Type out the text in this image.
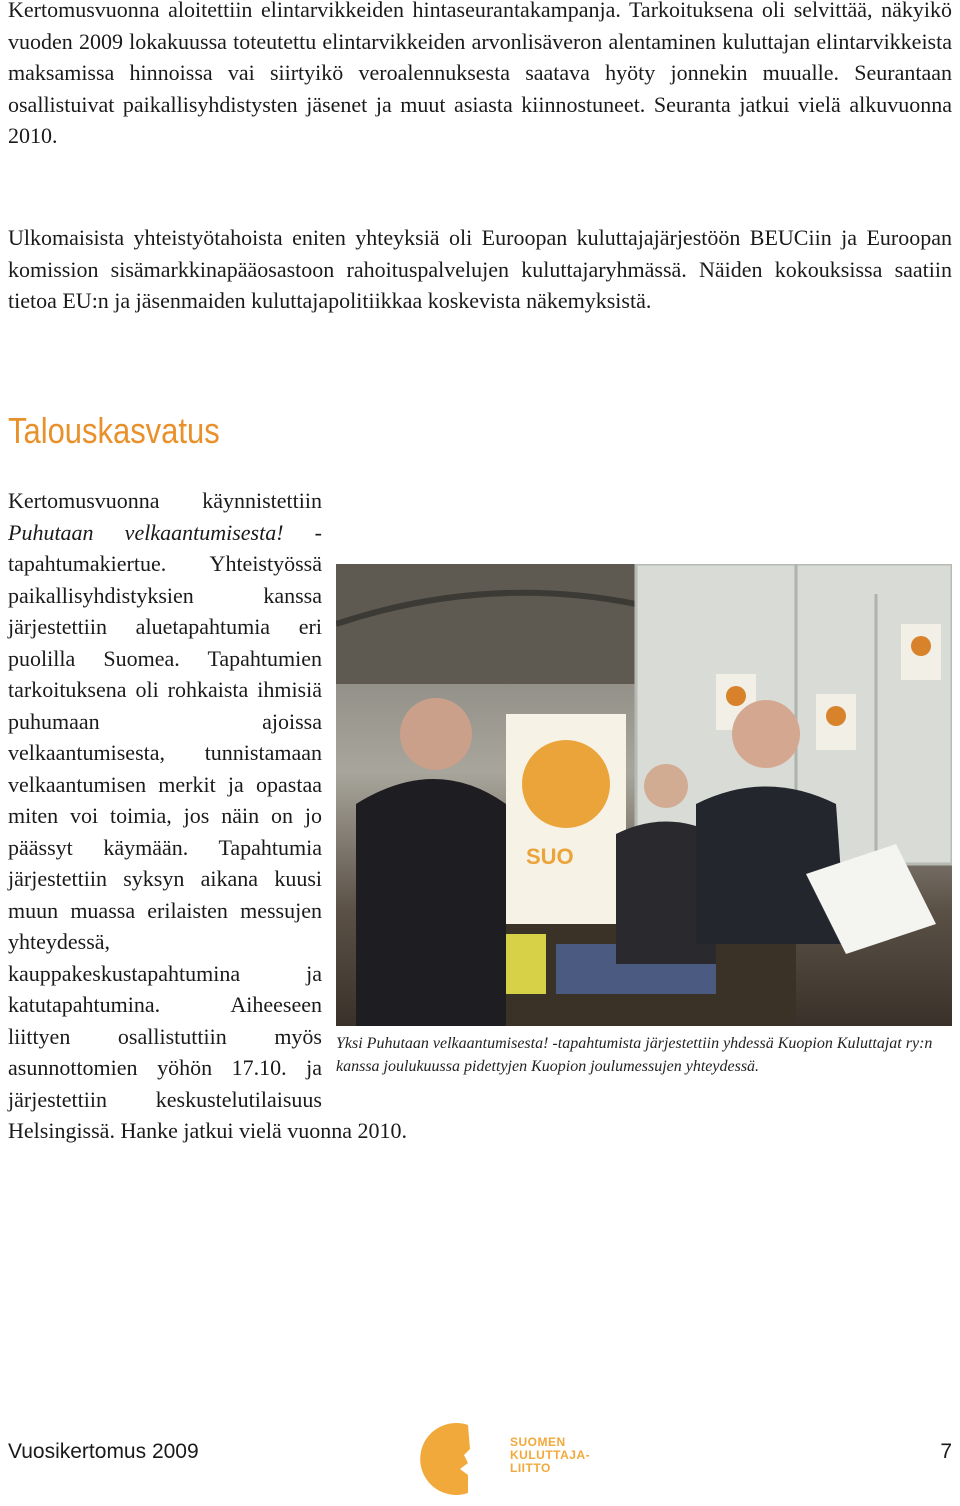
Kertomusvuonna aloitettiin elintarvikkeiden hintaseurantakampanja. Tarkoituksena oli selvittää, näkyikö vuoden 2009 lokakuussa toteutettu elintarvikkeiden arvonlisäveron alentaminen kuluttajan elintarvikkeista maksamissa hinnoissa vai siirtyikö veroalennuksesta saatava hyöty jonnekin muualle. Seurantaan osallistuivat paikallisyhdistysten jäsenet ja muut asiasta kiinnostuneet. Seuranta jatkui vielä alkuvuonna 2010.

Ulkomaisista yhteistyötahoista eniten yhteyksiä oli Euroopan kuluttajajärjestöön BEUCiin ja Euroopan komission sisämarkkinapääosastoon rahoituspalvelujen kuluttajaryhmässä. Näiden kokouksissa saatiin tietoa EU:n ja jäsenmaiden kuluttajapolitiikkaa koskevista näkemyksistä.

Talouskasvatus
SUO
Yksi Puhutaan velkaantumisesta! -tapahtumista järjestettiin yhdessä Kuopion Kuluttajat ry:n kanssa joulukuussa pidettyjen Kuopion joulumessujen yhteydessä.
Kertomusvuonna käynnistettiin Puhutaan velkaantumisesta! -tapahtumakiertue. Yhteistyössä paikallisyhdistyksien kanssa järjestettiin aluetapahtumia eri puolilla Suomea. Tapahtumien tarkoituksena oli rohkaista ihmisiä puhumaan ajoissa velkaantumisesta, tunnistamaan velkaantumisen merkit ja opastaa miten voi toimia, jos näin on jo päässyt käymään. Tapahtumia järjestettiin syksyn aikana kuusi muun muassa erilaisten messujen yhteydessä, kauppakeskustapahtumina ja katutapahtumina. Aiheeseen liittyen osallistuttiin myös asunnottomien yöhön 17.10. ja järjestettiin keskustelutilaisuus Helsingissä. Hanke jatkui vielä vuonna 2010.
Vuosikertomus 2009	SUOMEN KULUTTAJA- LIITTO
7
